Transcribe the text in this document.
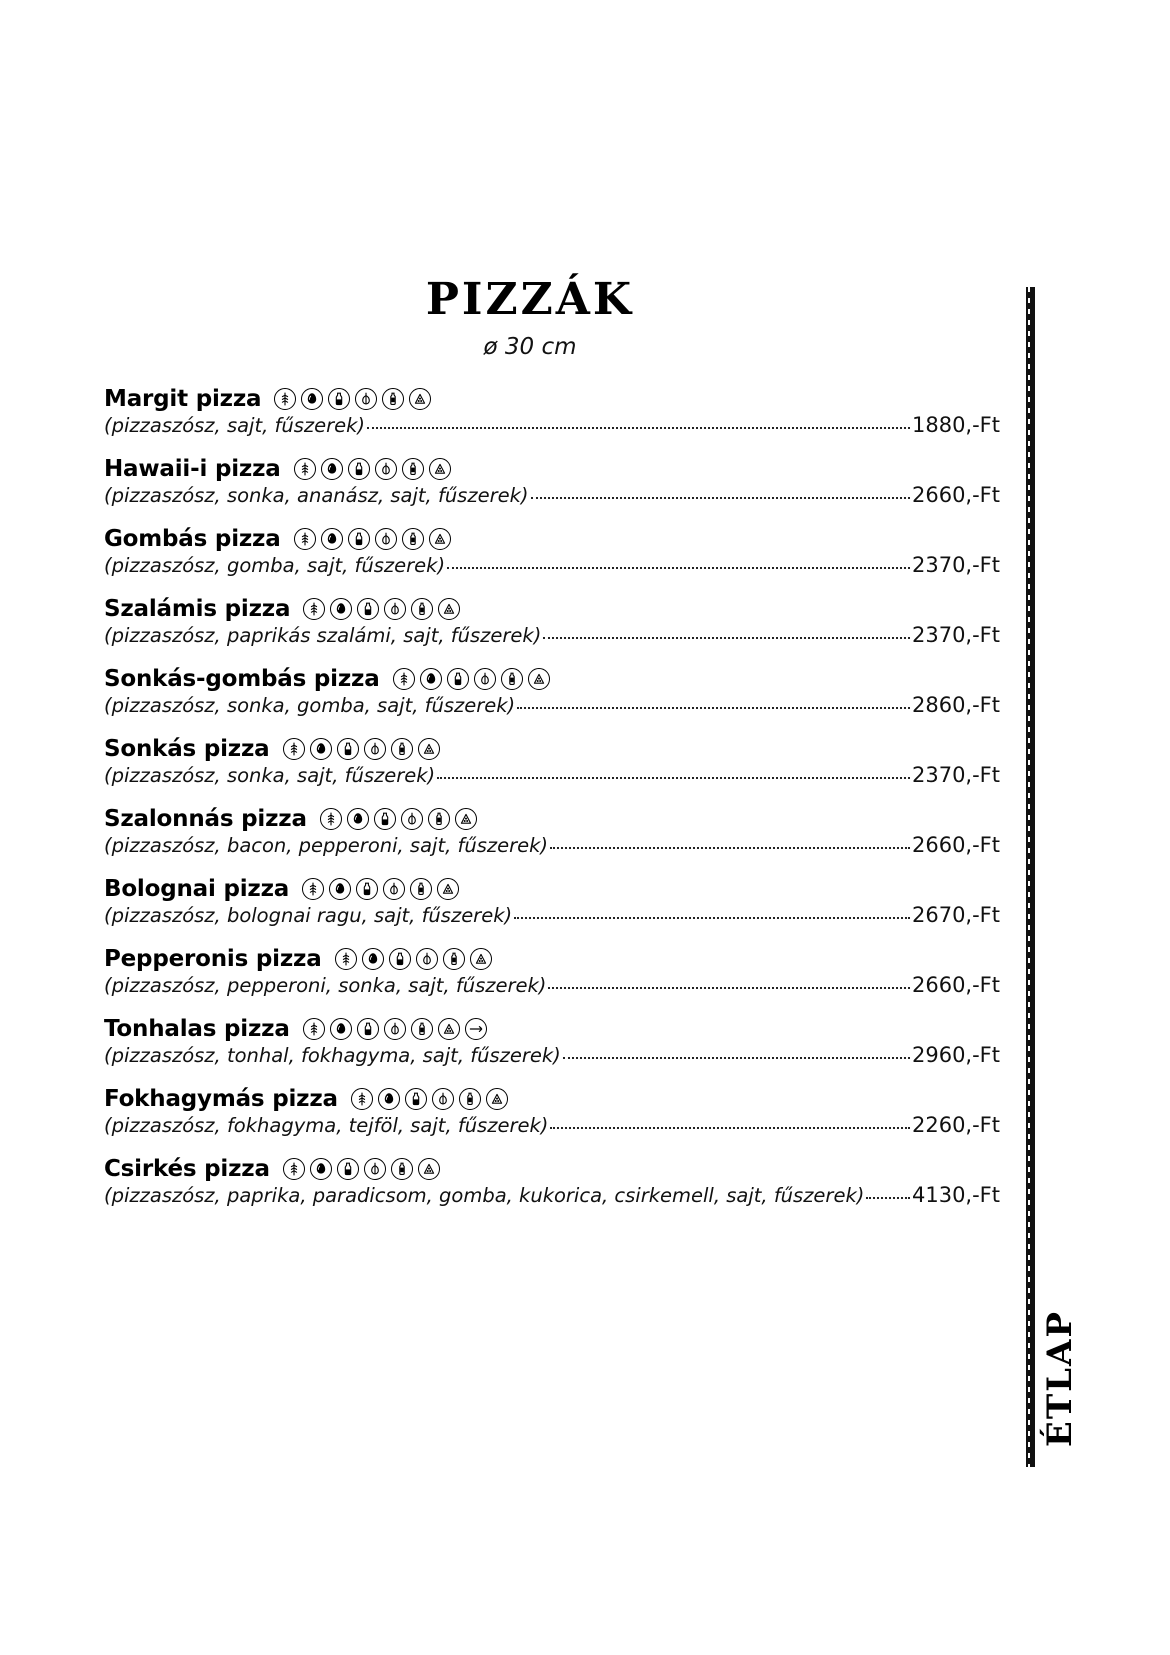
PIZZÁK
ø 30 cm
Margit pizza
(pizzaszósz, sajt, fűszerek)	1880,-Ft
Hawaii-i pizza
(pizzaszósz, sonka, ananász, sajt, fűszerek)	2660,-Ft
Gombás pizza
(pizzaszósz, gomba, sajt, fűszerek)	2370,-Ft
Szalámis pizza
(pizzaszósz, paprikás szalámi, sajt, fűszerek)	2370,-Ft
Sonkás-gombás pizza
(pizzaszósz, sonka, gomba, sajt, fűszerek)	2860,-Ft
Sonkás pizza
(pizzaszósz, sonka, sajt, fűszerek)	2370,-Ft
Szalonnás pizza
(pizzaszósz, bacon, pepperoni, sajt, fűszerek)	2660,-Ft
Bolognai pizza
(pizzaszósz, bolognai ragu, sajt, fűszerek)	2670,-Ft
Pepperonis pizza
(pizzaszósz, pepperoni, sonka, sajt, fűszerek)	2660,-Ft
Tonhalas pizza
(pizzaszósz, tonhal, fokhagyma, sajt, fűszerek)	2960,-Ft
Fokhagymás pizza
(pizzaszósz, fokhagyma, tejföl, sajt, fűszerek)	2260,-Ft
Csirkés pizza
(pizzaszósz, paprika, paradicsom, gomba, kukorica, csirkemell, sajt, fűszerek) 4130,-Ft
ÉTLAP
